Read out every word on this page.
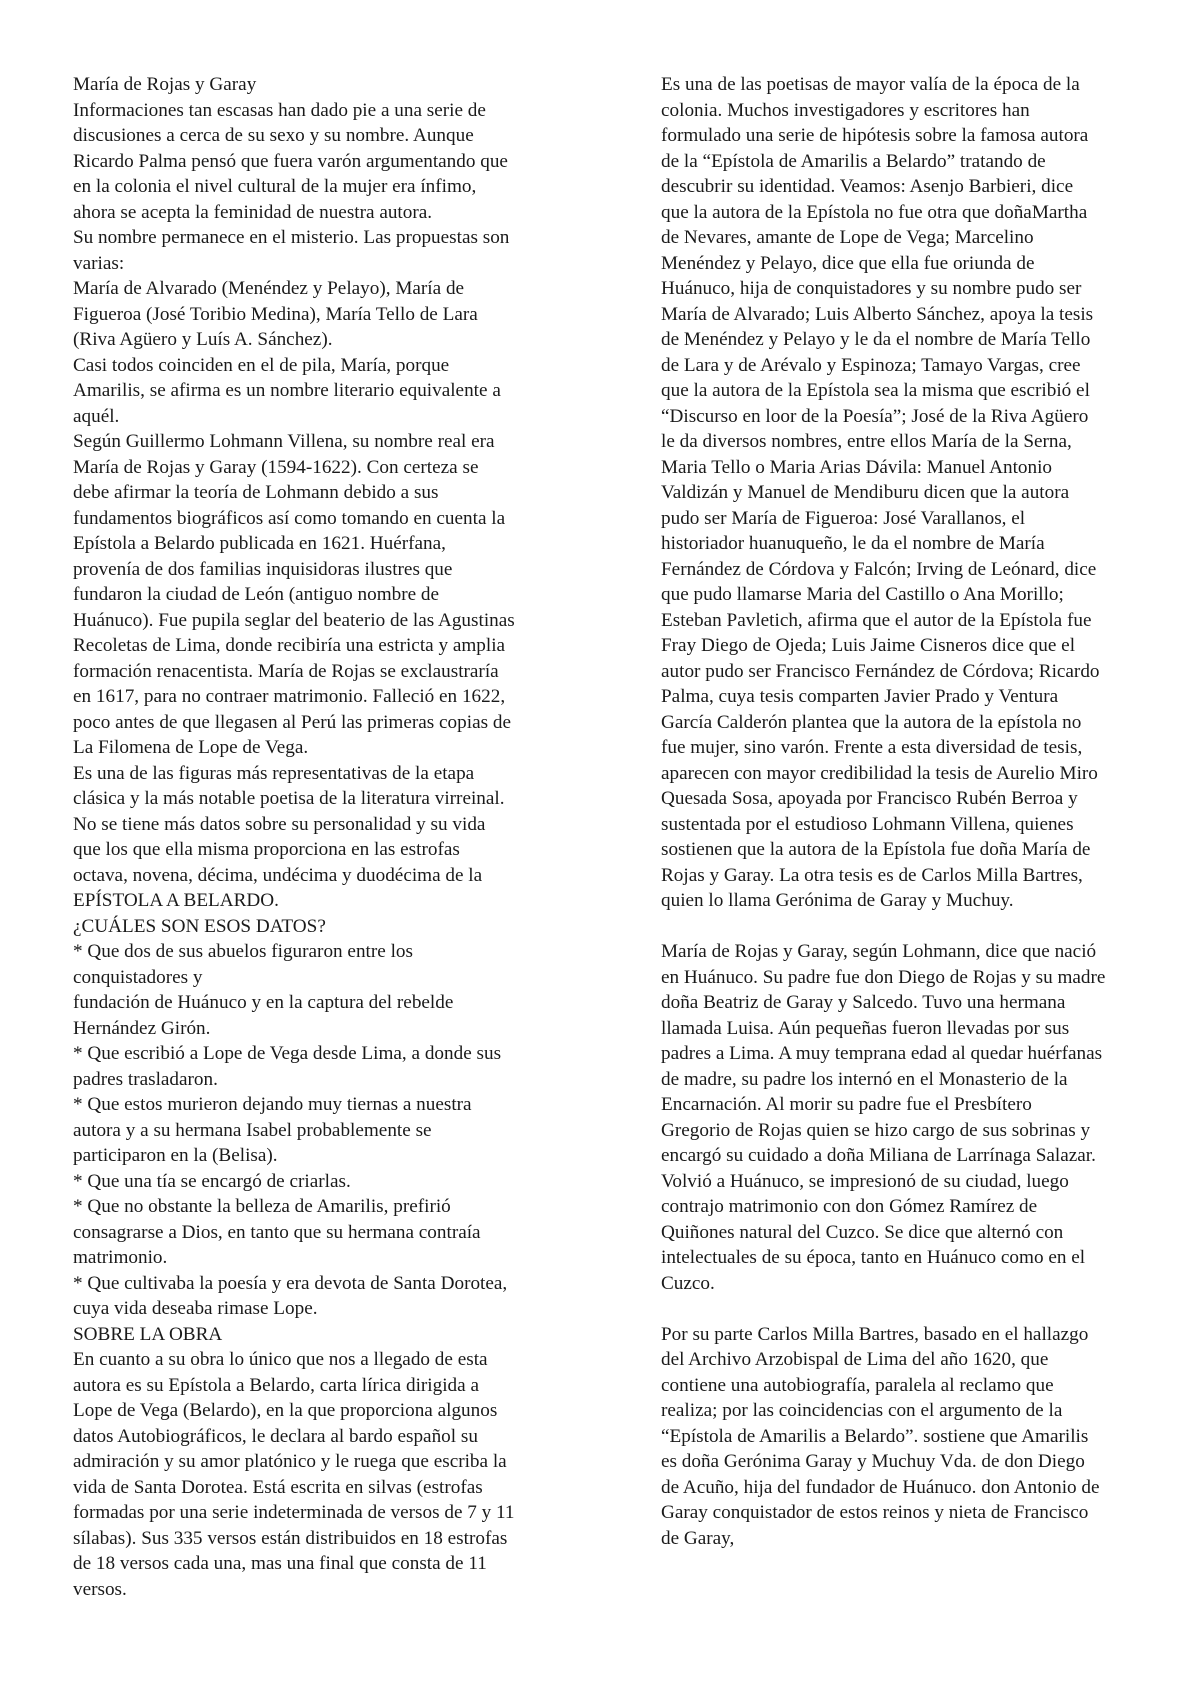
María de Rojas y Garay
Informaciones tan escasas han dado pie a una serie de
discusiones a cerca de su sexo y su nombre. Aunque
Ricardo Palma pensó que fuera varón argumentando que
en la colonia el nivel cultural de la mujer era ínfimo,
ahora se acepta la feminidad de nuestra autora.
Su nombre permanece en el misterio. Las propuestas son
varias:
María de Alvarado (Menéndez y Pelayo), María de
Figueroa (José Toribio Medina), María Tello de Lara
(Riva Agüero y Luís A. Sánchez).
Casi todos coinciden en el de pila, María, porque
Amarilis, se afirma es un nombre literario equivalente a
aquél.
Según Guillermo Lohmann Villena, su nombre real era
María de Rojas y Garay (1594-1622). Con certeza se
debe afirmar la teoría de Lohmann debido a sus
fundamentos biográficos así como tomando en cuenta la
Epístola a Belardo publicada en 1621. Huérfana,
provenía de dos familias inquisidoras ilustres que
fundaron la ciudad de León (antiguo nombre de
Huánuco). Fue pupila seglar del beaterio de las Agustinas
Recoletas de Lima, donde recibiría una estricta y amplia
formación renacentista. María de Rojas se exclaustraría
en 1617, para no contraer matrimonio. Falleció en 1622,
poco antes de que llegasen al Perú las primeras copias de
La Filomena de Lope de Vega.
Es una de las figuras más representativas de la etapa
clásica y la más notable poetisa de la literatura virreinal.
No se tiene más datos sobre su personalidad y su vida
que los que ella misma proporciona en las estrofas
octava, novena, décima, undécima y duodécima de la
EPÍSTOLA A BELARDO.
¿CUÁLES SON ESOS DATOS?
* Que dos de sus abuelos figuraron entre los
conquistadores y
fundación de Huánuco y en la captura del rebelde
Hernández Girón.
* Que escribió a Lope de Vega desde Lima, a donde sus
padres trasladaron.
* Que estos murieron dejando muy tiernas a nuestra
autora y a su hermana Isabel probablemente se
participaron en la (Belisa).
* Que una tía se encargó de criarlas.
* Que no obstante la belleza de Amarilis, prefirió
consagrarse a Dios, en tanto que su hermana contraía
matrimonio.
* Que cultivaba la poesía y era devota de Santa Dorotea,
cuya vida deseaba rimase Lope.
SOBRE LA OBRA
En cuanto a su obra lo único que nos a llegado de esta
autora es su Epístola a Belardo, carta lírica dirigida a
Lope de Vega (Belardo), en la que proporciona algunos
datos Autobiográficos, le declara al bardo español su
admiración y su amor platónico y le ruega que escriba la
vida de Santa Dorotea. Está escrita en silvas (estrofas
formadas por una serie indeterminada de versos de 7 y 11
sílabas). Sus 335 versos están distribuidos en 18 estrofas
de 18 versos cada una, mas una final que consta de 11
versos.
Es una de las poetisas de mayor valía de la época de la
colonia. Muchos investigadores y escritores han
formulado una serie de hipótesis sobre la famosa autora
de la “Epístola de Amarilis a Belardo” tratando de
descubrir su identidad. Veamos: Asenjo Barbieri, dice
que la autora de la Epístola no fue otra que doñaMartha
de Nevares, amante de Lope de Vega; Marcelino
Menéndez y Pelayo, dice que ella fue oriunda de
Huánuco, hija de conquistadores y su nombre pudo ser
María de Alvarado; Luis Alberto Sánchez, apoya la tesis
de Menéndez y Pelayo y le da el nombre de María Tello
de Lara y de Arévalo y Espinoza; Tamayo Vargas, cree
que la autora de la Epístola sea la misma que escribió el
“Discurso en loor de la Poesía”; José de la Riva Agüero
le da diversos nombres, entre ellos María de la Serna,
Maria Tello o Maria Arias Dávila: Manuel Antonio
Valdizán y Manuel de Mendiburu dicen que la autora
pudo ser María de Figueroa: José Varallanos, el
historiador huanuqueño, le da el nombre de María
Fernández de Córdova y Falcón; Irving de Leónard, dice
que pudo llamarse Maria del Castillo o Ana Morillo;
Esteban Pavletich, afirma que el autor de la Epístola fue
Fray Diego de Ojeda; Luis Jaime Cisneros dice que el
autor pudo ser Francisco Fernández de Córdova; Ricardo
Palma, cuya tesis comparten Javier Prado y Ventura
García Calderón plantea que la autora de la epístola no
fue mujer, sino varón. Frente a esta diversidad de tesis,
aparecen con mayor credibilidad la tesis de Aurelio Miro
Quesada Sosa, apoyada por Francisco Rubén Berroa y
sustentada por el estudioso Lohmann Villena, quienes
sostienen que la autora de la Epístola fue doña María de
Rojas y Garay. La otra tesis es de Carlos Milla Bartres,
quien lo llama Gerónima de Garay y Muchuy.
María de Rojas y Garay, según Lohmann, dice que nació
en Huánuco. Su padre fue don Diego de Rojas y su madre
doña Beatriz de Garay y Salcedo. Tuvo una hermana
llamada Luisa. Aún pequeñas fueron llevadas por sus
padres a Lima. A muy temprana edad al quedar huérfanas
de madre, su padre los internó en el Monasterio de la
Encarnación. Al morir su padre fue el Presbítero
Gregorio de Rojas quien se hizo cargo de sus sobrinas y
encargó su cuidado a doña Miliana de Larrínaga Salazar.
Volvió a Huánuco, se impresionó de su ciudad, luego
contrajo matrimonio con don Gómez Ramírez de
Quiñones natural del Cuzco. Se dice que alternó con
intelectuales de su época, tanto en Huánuco como en el
Cuzco.
Por su parte Carlos Milla Bartres, basado en el hallazgo
del Archivo Arzobispal de Lima del año 1620, que
contiene una autobiografía, paralela al reclamo que
realiza; por las coincidencias con el argumento de la
“Epístola de Amarilis a Belardo”. sostiene que Amarilis
es doña Gerónima Garay y Muchuy Vda. de don Diego
de Acuño, hija del fundador de Huánuco. don Antonio de
Garay conquistador de estos reinos y nieta de Francisco
de Garay,
